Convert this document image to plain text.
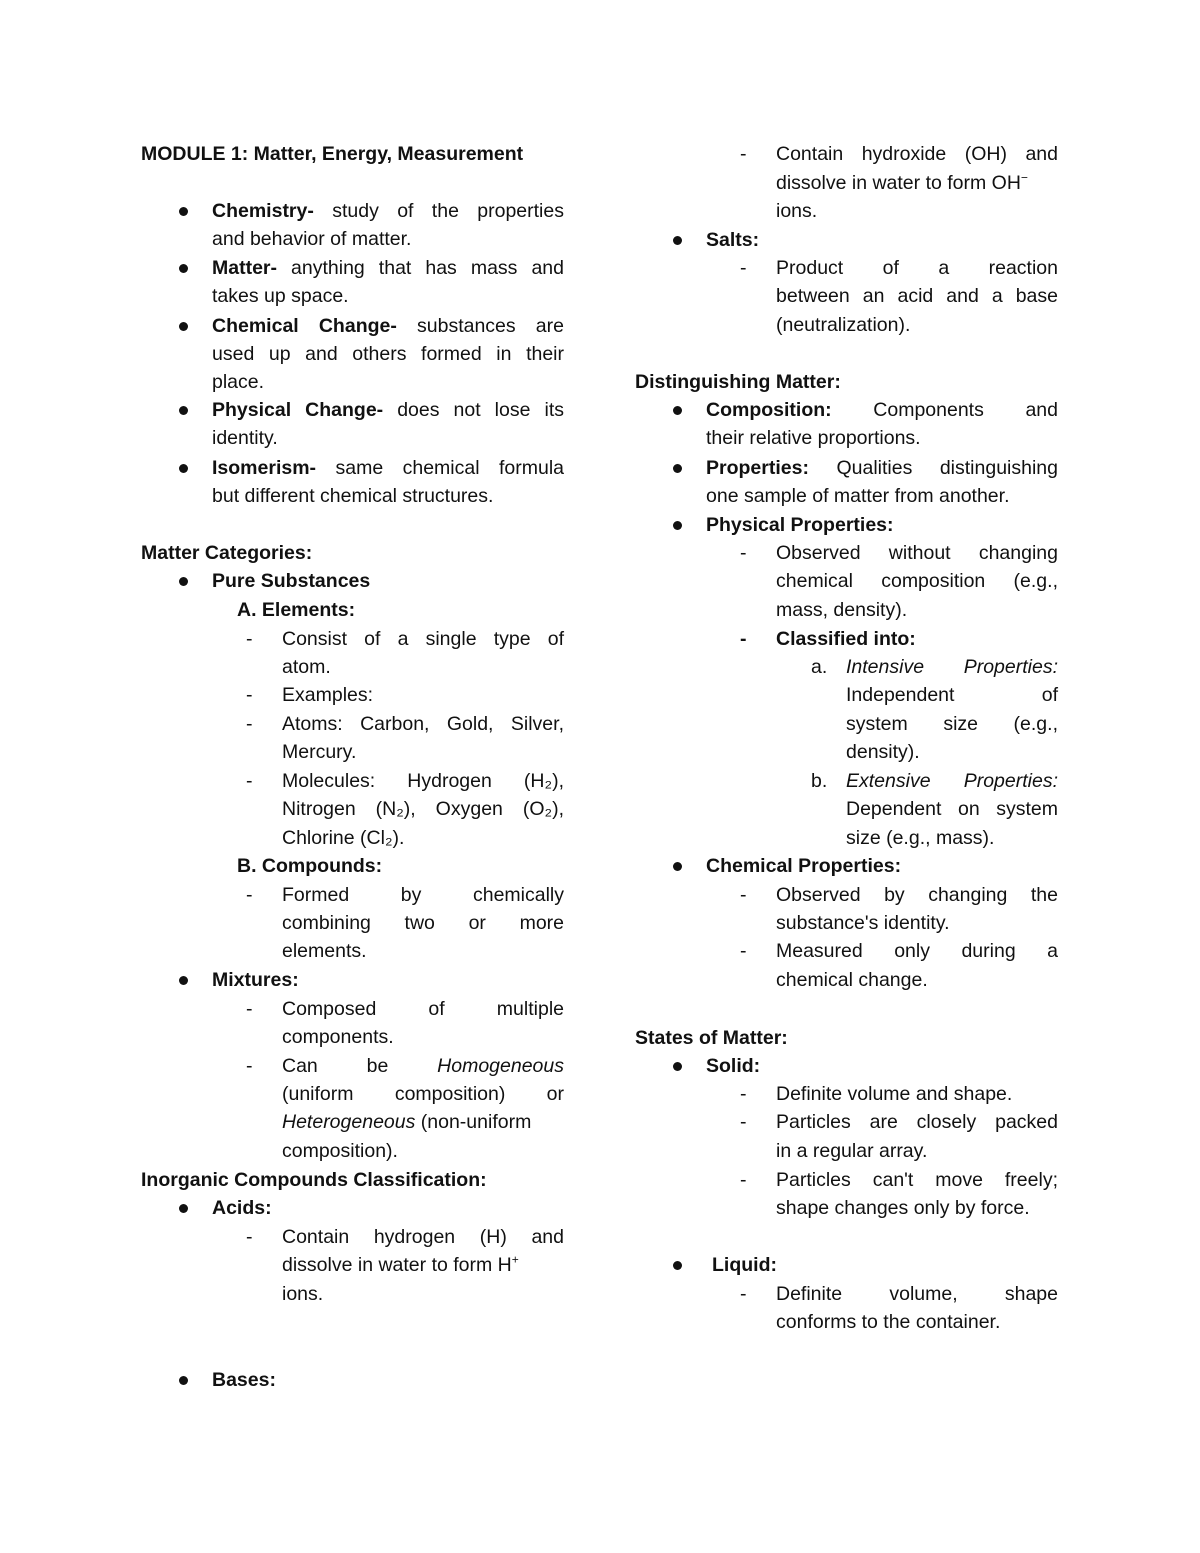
MODULE 1: Matter, Energy, Measurement
Chemistry- study of the properties
and behavior of matter.
Matter- anything that has mass and
takes up space.
Chemical Change- substances are
used up and others formed in their
place.
Physical Change- does not lose its
identity.
Isomerism- same chemical formula
but different chemical structures.
Matter Categories:
Pure Substances
A. Elements:
- Consist of a single type of
atom.
- Examples:
- Atoms: Carbon, Gold, Silver,
Mercury.
- Molecules: Hydrogen (H₂),
Nitrogen (N₂), Oxygen (O₂),
Chlorine (Cl₂).
B. Compounds:
- Formed by chemically
combining two or more
elements.
Mixtures:
- Composed of multiple
components.
- Can be Homogeneous
(uniform composition) or
Heterogeneous (non-uniform
composition).
Inorganic Compounds Classification:
Acids:
- Contain hydrogen (H) and
dissolve in water to form H+
ions.
Bases:
- Contain hydroxide (OH) and
dissolve in water to form OH−
ions.
Salts:
- Product of a reaction
between an acid and a base
(neutralization).
Distinguishing Matter:
Composition: Components and
their relative proportions.
Properties: Qualities distinguishing
one sample of matter from another.
Physical Properties:
- Observed without changing
chemical composition (e.g.,
mass, density).
- Classified into:
a. Intensive Properties:
Independent of
system size (e.g.,
density).
b. Extensive Properties:
Dependent on system
size (e.g., mass).
Chemical Properties:
- Observed by changing the
substance's identity.
- Measured only during a
chemical change.
States of Matter:
Solid:
- Definite volume and shape.
- Particles are closely packed
in a regular array.
- Particles can't move freely;
shape changes only by force.
Liquid:
- Definite volume, shape
conforms to the container.
